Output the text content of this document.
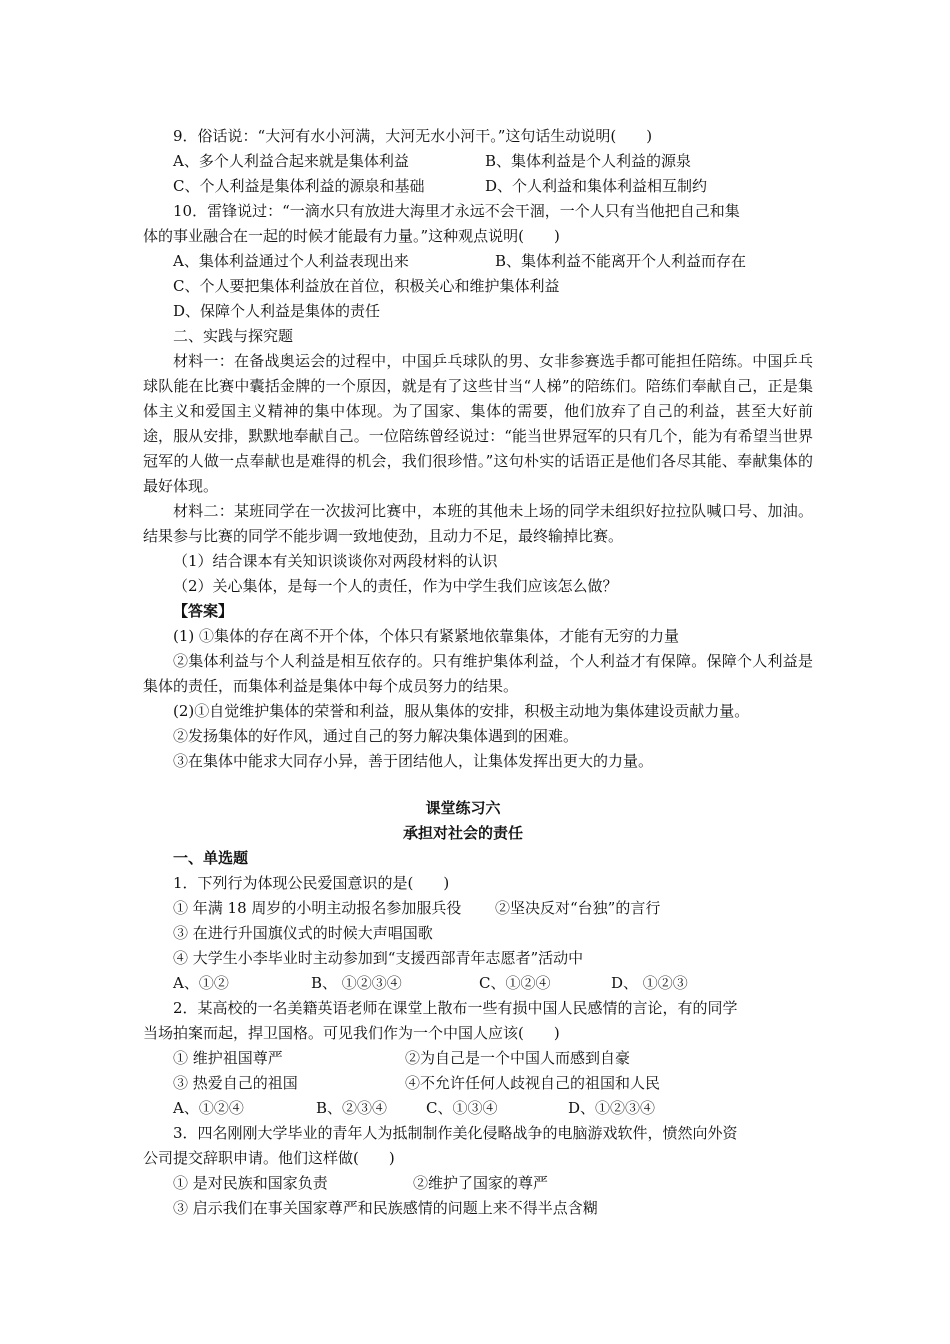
9．俗话说：“大河有水小河满，大河无水小河干。”这句话生动说明(　　)
A、多个人利益合起来就是集体利益	B、集体利益是个人利益的源泉
C、个人利益是集体利益的源泉和基础	D、个人利益和集体利益相互制约
10．雷锋说过：“一滴水只有放进大海里才永远不会干涸，一个人只有当他把自己和集
体的事业融合在一起的时候才能最有力量。”这种观点说明(　　)
A、集体利益通过个人利益表现出来	B、集体利益不能离开个人利益而存在
C、个人要把集体利益放在首位，积极关心和维护集体利益
D、保障个人利益是集体的责任
二、实践与探究题
材料一：在备战奥运会的过程中，中国乒乓球队的男、女非参赛选手都可能担任陪练。中国乒乓球队能在比赛中囊括金牌的一个原因，就是有了这些甘当“人梯”的陪练们。陪练们奉献自己，正是集体主义和爱国主义精神的集中体现。为了国家、集体的需要，他们放弃了自己的利益，甚至大好前途，服从安排，默默地奉献自己。一位陪练曾经说过：“能当世界冠军的只有几个，能为有希望当世界冠军的人做一点奉献也是难得的机会，我们很珍惜。”这句朴实的话语正是他们各尽其能、奉献集体的最好体现。
材料二：某班同学在一次拔河比赛中，本班的其他未上场的同学未组织好拉拉队喊口号、加油。结果参与比赛的同学不能步调一致地使劲，且动力不足，最终输掉比赛。
（1）结合课本有关知识谈谈你对两段材料的认识
（2）关心集体，是每一个人的责任，作为中学生我们应该怎么做？
【答案】
(1) ①集体的存在离不开个体，个体只有紧紧地依靠集体，才能有无穷的力量
②集体利益与个人利益是相互依存的。只有维护集体利益，个人利益才有保障。保障个人利益是集体的责任，而集体利益是集体中每个成员努力的结果。
(2)①自觉维护集体的荣誉和利益，服从集体的安排，积极主动地为集体建设贡献力量。
②发扬集体的好作风，通过自己的努力解决集体遇到的困难。
③在集体中能求大同存小异，善于团结他人，让集体发挥出更大的力量。
课堂练习六
承担对社会的责任
一、单选题
1．下列行为体现公民爱国意识的是(　　)
① 年满 18 周岁的小明主动报名参加服兵役 ②坚决反对“台独”的言行
③ 在进行升国旗仪式的时候大声唱国歌
④ 大学生小李毕业时主动参加到“支援西部青年志愿者”活动中
A、①②	B、 ①②③④	C、①②④	D、 ①②③
2．某高校的一名美籍英语老师在课堂上散布一些有损中国人民感情的言论，有的同学
当场拍案而起，捍卫国格。可见我们作为一个中国人应该(　　)
① 维护祖国尊严	②为自己是一个中国人而感到自豪
③ 热爱自己的祖国	④不允许任何人歧视自己的祖国和人民
A、①②④	B、②③④	C、①③④	D、①②③④
3．四名刚刚大学毕业的青年人为抵制制作美化侵略战争的电脑游戏软件，愤然向外资
公司提交辞职申请。他们这样做(　　)
① 是对民族和国家负责	②维护了国家的尊严
③ 启示我们在事关国家尊严和民族感情的问题上来不得半点含糊
